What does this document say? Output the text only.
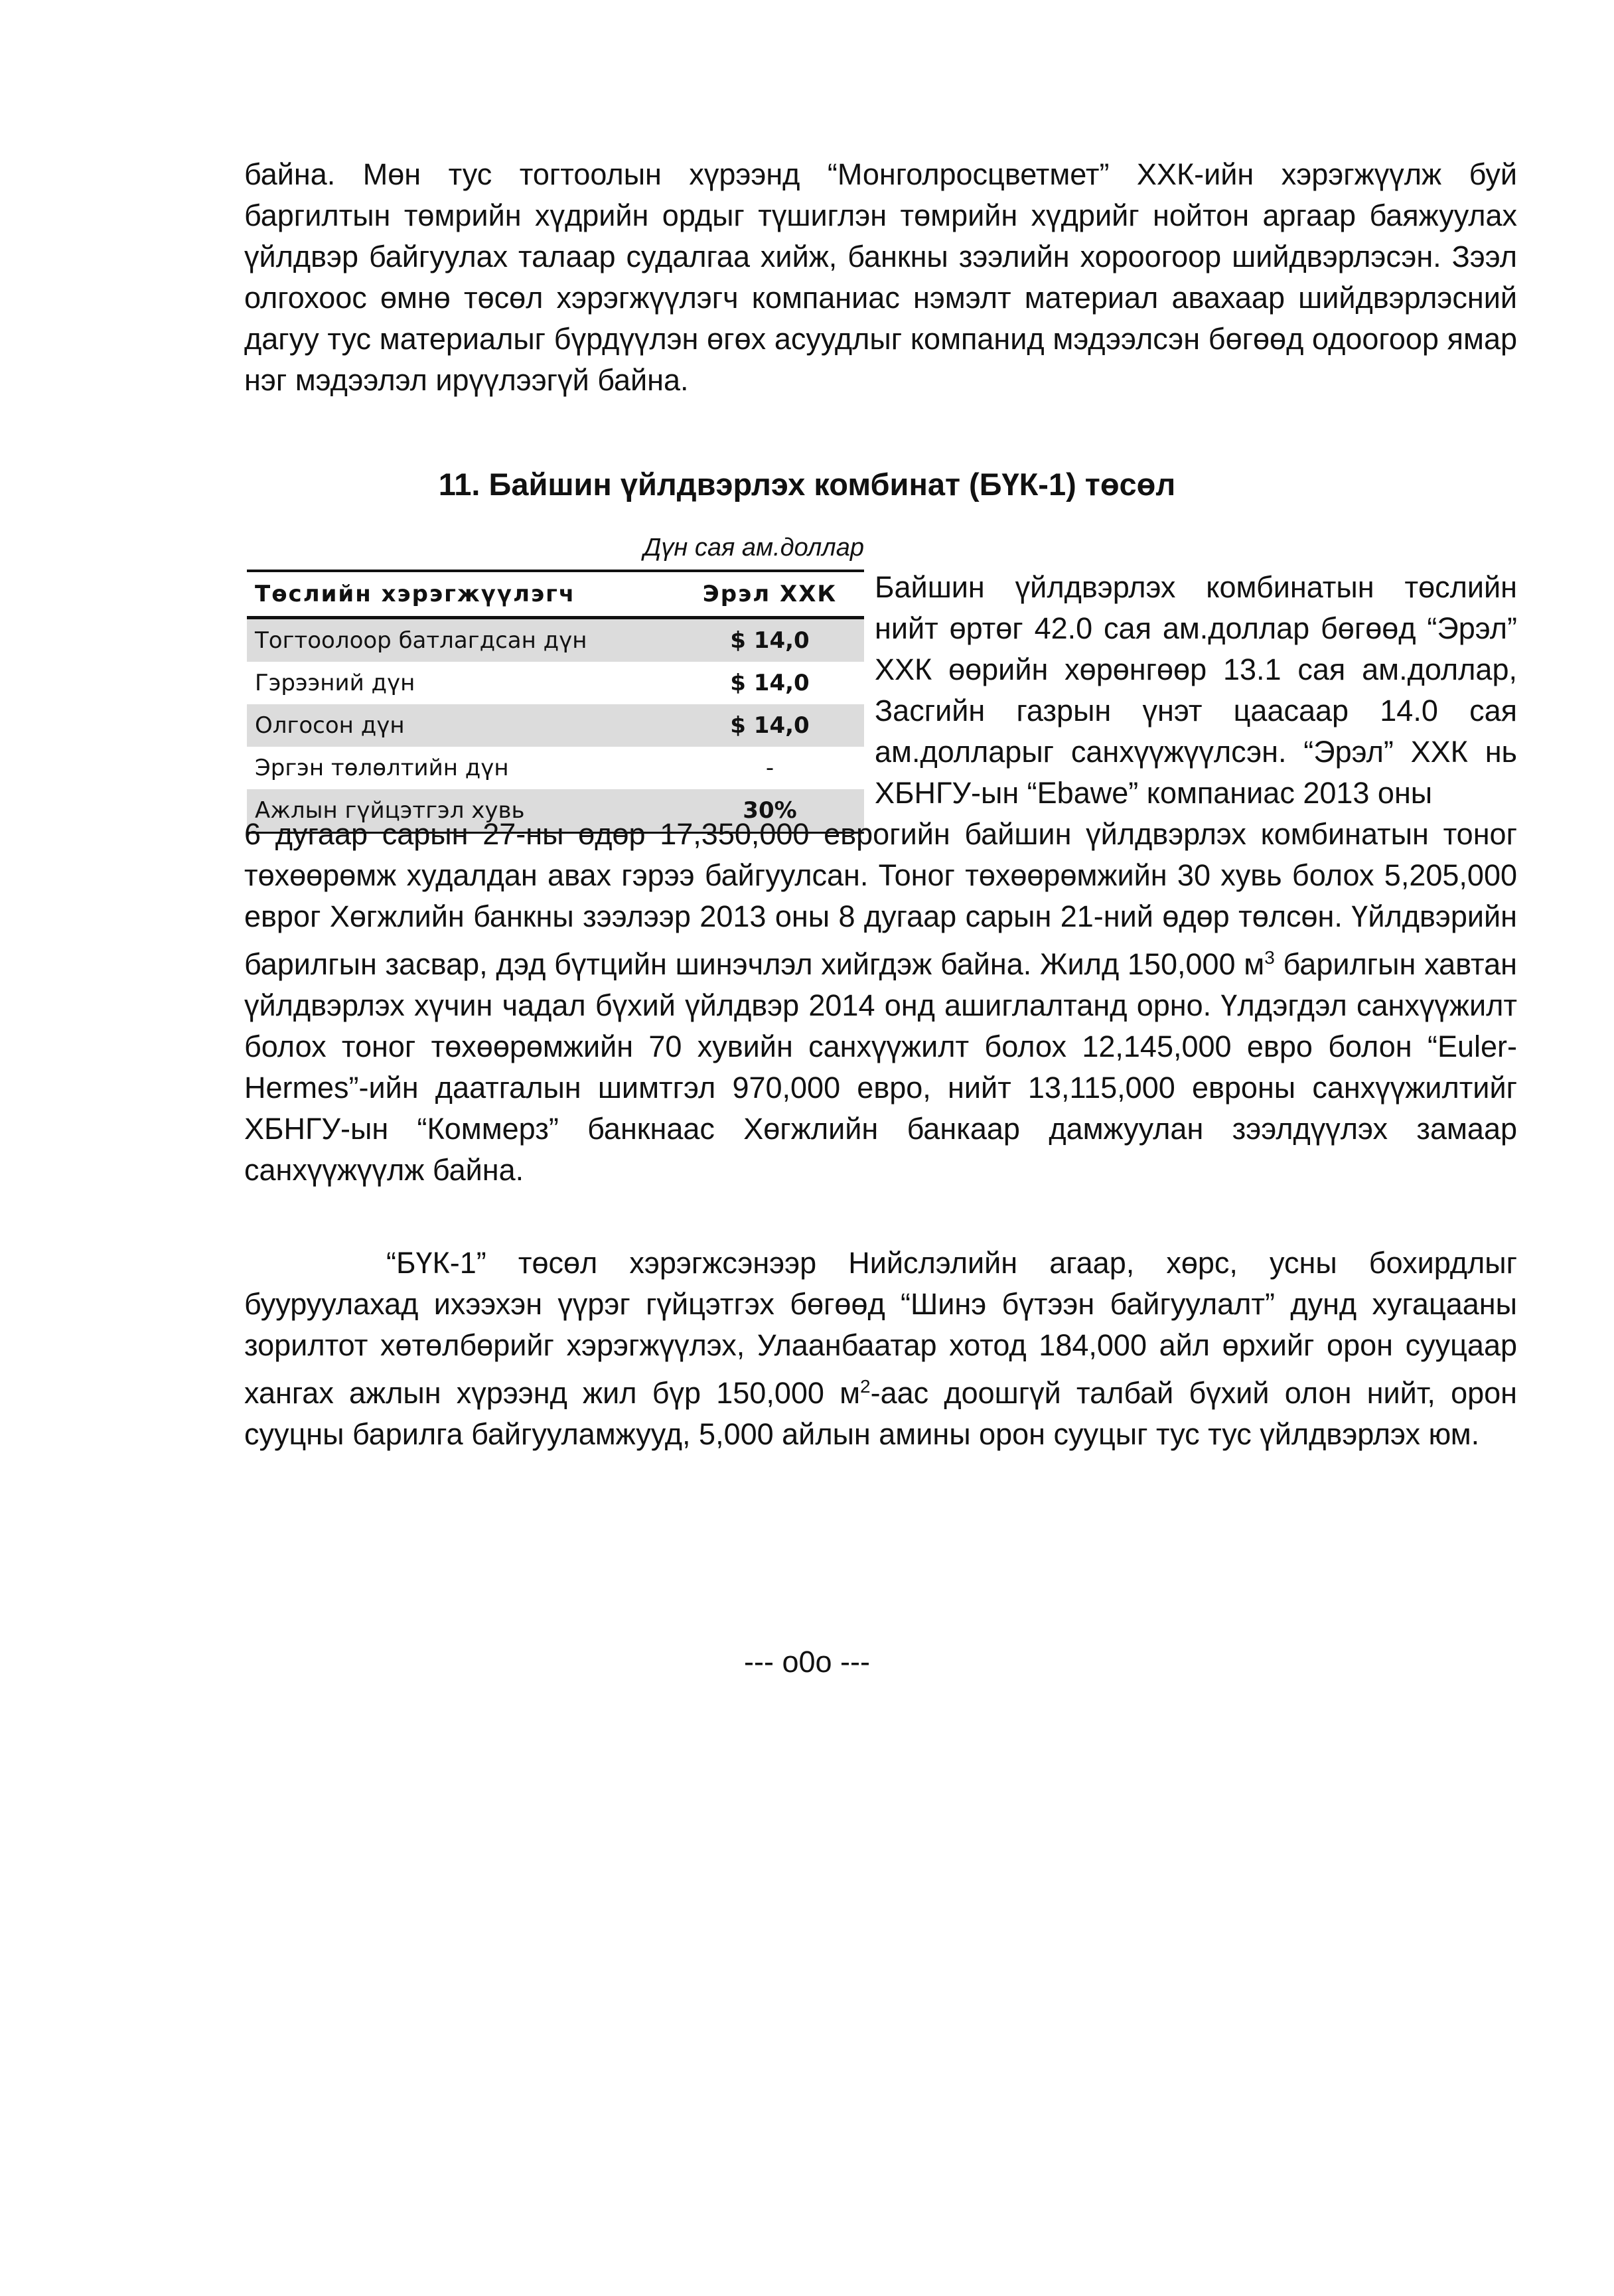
байна. Мөн тус тогтоолын хүрээнд “Монголросцветмет” ХХК-ийн хэрэгжүүлж буй баргилтын төмрийн хүдрийн ордыг түшиглэн төмрийн хүдрийг нойтон аргаар баяжуулах үйлдвэр байгуулах талаар судалгаа хийж, банкны зээлийн хороогоор шийдвэрлэсэн. Зээл олгохоос өмнө төсөл хэрэгжүүлэгч компаниас нэмэлт материал авахаар шийдвэрлэсний дагуу тус материалыг бүрдүүлэн өгөх асуудлыг компанид мэдээлсэн бөгөөд одоогоор ямар нэг мэдээлэл ирүүлээгүй байна.

11. Байшин үйлдвэрлэх комбинат (БҮК-1) төсөл
Дүн сая ам.доллар
Төслийн хэрэгжүүлэгч	Эрэл ХХК
Тогтоолоор батлагдсан дүн	$ 14,0
Гэрээний дүн	$ 14,0
Олгосон дүн	$ 14,0
Эргэн төлөлтийн дүн	-
Ажлын гүйцэтгэл хувь	30%

Байшин үйлдвэрлэх комбинатын төслийн нийт өртөг 42.0 сая ам.доллар бөгөөд “Эрэл” ХХК өөрийн хөрөнгөөр 13.1 сая ам.доллар, Засгийн газрын үнэт цаасаар 14.0 сая ам.долларыг санхүүжүүлсэн. “Эрэл” ХХК нь ХБНГУ-ын “Ebawe” компаниас 2013 оны

6 дугаар сарын 27-ны өдөр 17,350,000 еврогийн байшин үйлдвэрлэх комбинатын тоног төхөөрөмж худалдан авах гэрээ байгуулсан. Тоног төхөөрөмжийн 30 хувь болох 5,205,000 еврог Хөгжлийн банкны зээлээр 2013 оны 8 дугаар сарын 21-ний өдөр төлсөн. Үйлдвэрийн барилгын засвар, дэд бүтцийн шинэчлэл хийгдэж байна. Жилд 150,000 $м^3$ барилгын хавтан үйлдвэрлэх хүчин чадал бүхий үйлдвэр 2014 онд ашиглалтанд орно. Үлдэгдэл санхүүжилт болох тоног төхөөрөмжийн 70 хувийн санхүүжилт болох 12,145,000 евро болон “Euler-Hermes”-ийн даатгалын шимтгэл 970,000 евро, нийт 13,115,000 евроны санхүүжилтийг ХБНГУ-ын “Коммерз” банкнаас Хөгжлийн банкаар дамжуулан зээлдүүлэх замаар санхүүжүүлж байна.

“БҮК-1” төсөл хэрэгжсэнээр Нийслэлийн агаар, хөрс, усны бохирдлыг бууруулахад ихээхэн үүрэг гүйцэтгэх бөгөөд “Шинэ бүтээн байгуулалт” дунд хугацааны зорилтот хөтөлбөрийг хэрэгжүүлэх, Улаанбаатар хотод 184,000 айл өрхийг орон сууцаар хангах ажлын хүрээнд жил бүр 150,000 $м^2$-аас доошгүй талбай бүхий олон нийт, орон сууцны барилга байгууламжууд, 5,000 айлын амины орон сууцыг тус тус үйлдвэрлэх юм.

--- o0o ---
